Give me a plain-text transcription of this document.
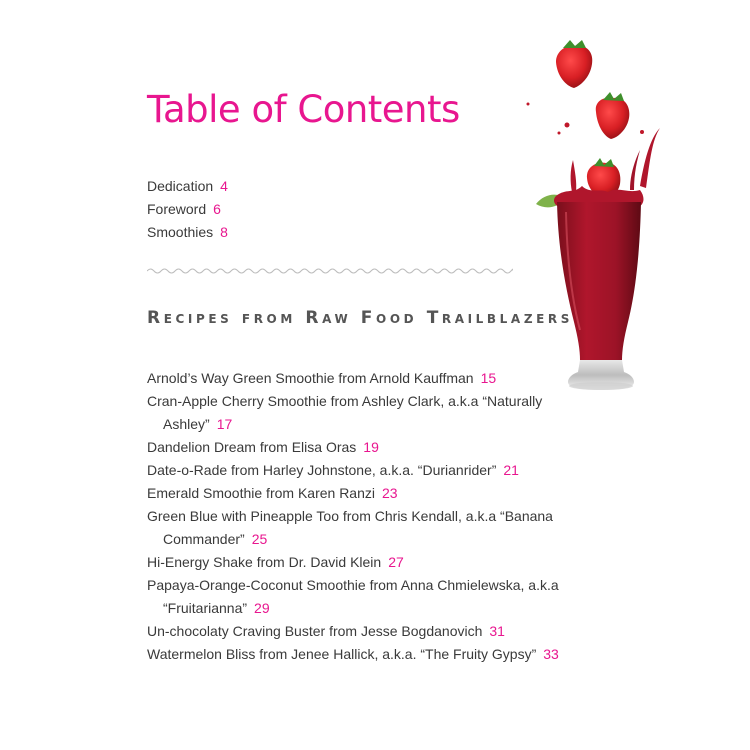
Table of Contents
Dedication 4
Foreword 6
Smoothies 8
Recipes from Raw Food Trailblazers
Arnold’s Way Green Smoothie from Arnold Kauffman 15
Cran-Apple Cherry Smoothie from Ashley Clark, a.k.a “Naturally Ashley” 17
Dandelion Dream from Elisa Oras 19
Date-o-Rade from Harley Johnstone, a.k.a. “Durianrider” 21
Emerald Smoothie from Karen Ranzi 23
Green Blue with Pineapple Too from Chris Kendall, a.k.a “Banana Commander” 25
Hi-Energy Shake from Dr. David Klein 27
Papaya-Orange-Coconut Smoothie from Anna Chmielewska, a.k.a “Fruitarianna” 29
Un-chocolaty Craving Buster from Jesse Bogdanovich 31
Watermelon Bliss from Jenee Hallick, a.k.a. “The Fruity Gypsy” 33
